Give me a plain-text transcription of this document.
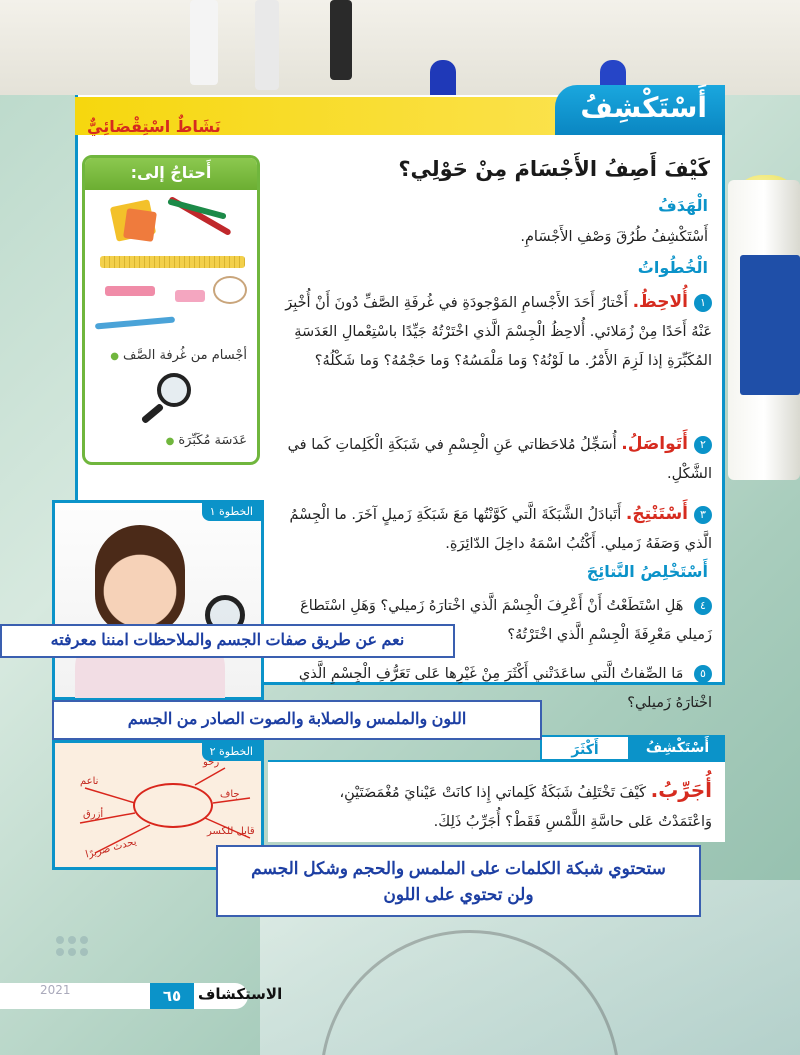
نَشَاطٌ اسْتِقْصَائِيٌّ
أَسْتَكْشِفُ
أَحتاجُ إلى:
أجْسام من غُرفة الصَّف ●
عَدَسَة مُكَبِّرَة ●
كَيْفَ أَصِفُ الأَجْسَامَ مِنْ حَوْلِي؟
الْهَدَفُ
أَسْتَكْشِفُ طُرُقَ وَصْفِ الأَجْسَامِ.
الْخُطُواتُ
١أُلاحِظُ. أَخْتارُ أَحَدَ الأَجْسامِ المَوْجودَةِ في غُرفَةِ الصَّفِّ دُونَ أَنْ أُخْبِرَ عَنْهُ أَحَدًا مِنْ زُمَلائي. أُلاحِظُ الْجِسْمَ الَّذي اخْتَرْتُهُ جَيِّدًا باسْتِعْمالِ العَدَسَةِ المُكَبِّرَةِ إذا لَزِمَ الأَمْرُ. ما لَوْنُهُ؟ وَما مَلْمَسُهُ؟ وَما حَجْمُهُ؟ وَما شَكْلُهُ؟
٢أَتَواصَلُ. أُسَجِّلُ مُلاحَظاتي عَنِ الْجِسْمِ في شَبَكَةِ الْكَلِماتِ كَما في الشَّكْلِ.
٣أَسْتَنْتِجُ. أَتَبادَلُ الشَّبَكَةَ الَّتي كَوَّنْتُها مَعَ شَبَكَةِ زَميلٍ آخَرَ. ما الْجِسْمُ الَّذي وَصَفَهُ زَميلي. أَكْتُبُ اسْمَهُ داخِلَ الدّائِرَةِ.
أَسْتَخْلِصُ النَّتائِجَ
٤ هَلِ اسْتَطَعْتُ أَنْ أَعْرِفَ الْجِسْمَ الَّذي اخْتارَهُ زَميلي؟ وَهَلِ اسْتَطاعَ زَميلي مَعْرِفَةَ الْجِسْمِ الَّذي اخْتَرْتُهُ؟
٥ مَا الصِّفاتُ الَّتي ساعَدَتْني أَكْثَرَ مِنْ غَيْرِها عَلى تَعَرُّفِ الْجِسْمِ الَّذي اخْتارَهُ زَميلي؟
الخطوة ١
أَسْتَكْشِفُ
أَكْثَرَ
أُجَرِّبُ. كَيْفَ تَخْتَلِفُ شَبَكَةُ كَلِماتي إِذا كانَتْ عَيْنايَ مُغْمَضَتَيْنِ، وَاعْتَمَدْتُ عَلى حاسَّةِ اللَّمْسِ فَقَطْ؟ أُجَرِّبُ ذَلِكَ.
الخطوة ٢
ناعم
أزرق
يحدث صريرًا
قابل للكسر
جاف
رخو
نعم عن طريق صفات الجسم والملاحظات امننا معرفته
اللون والملمس والصلابة والصوت الصادر من الجسم
ستحتوي شبكة الكلمات على الملمس والحجم وشكل الجسم
ولن تحتوي على اللون
2021	٦٥	الاستكشاف
